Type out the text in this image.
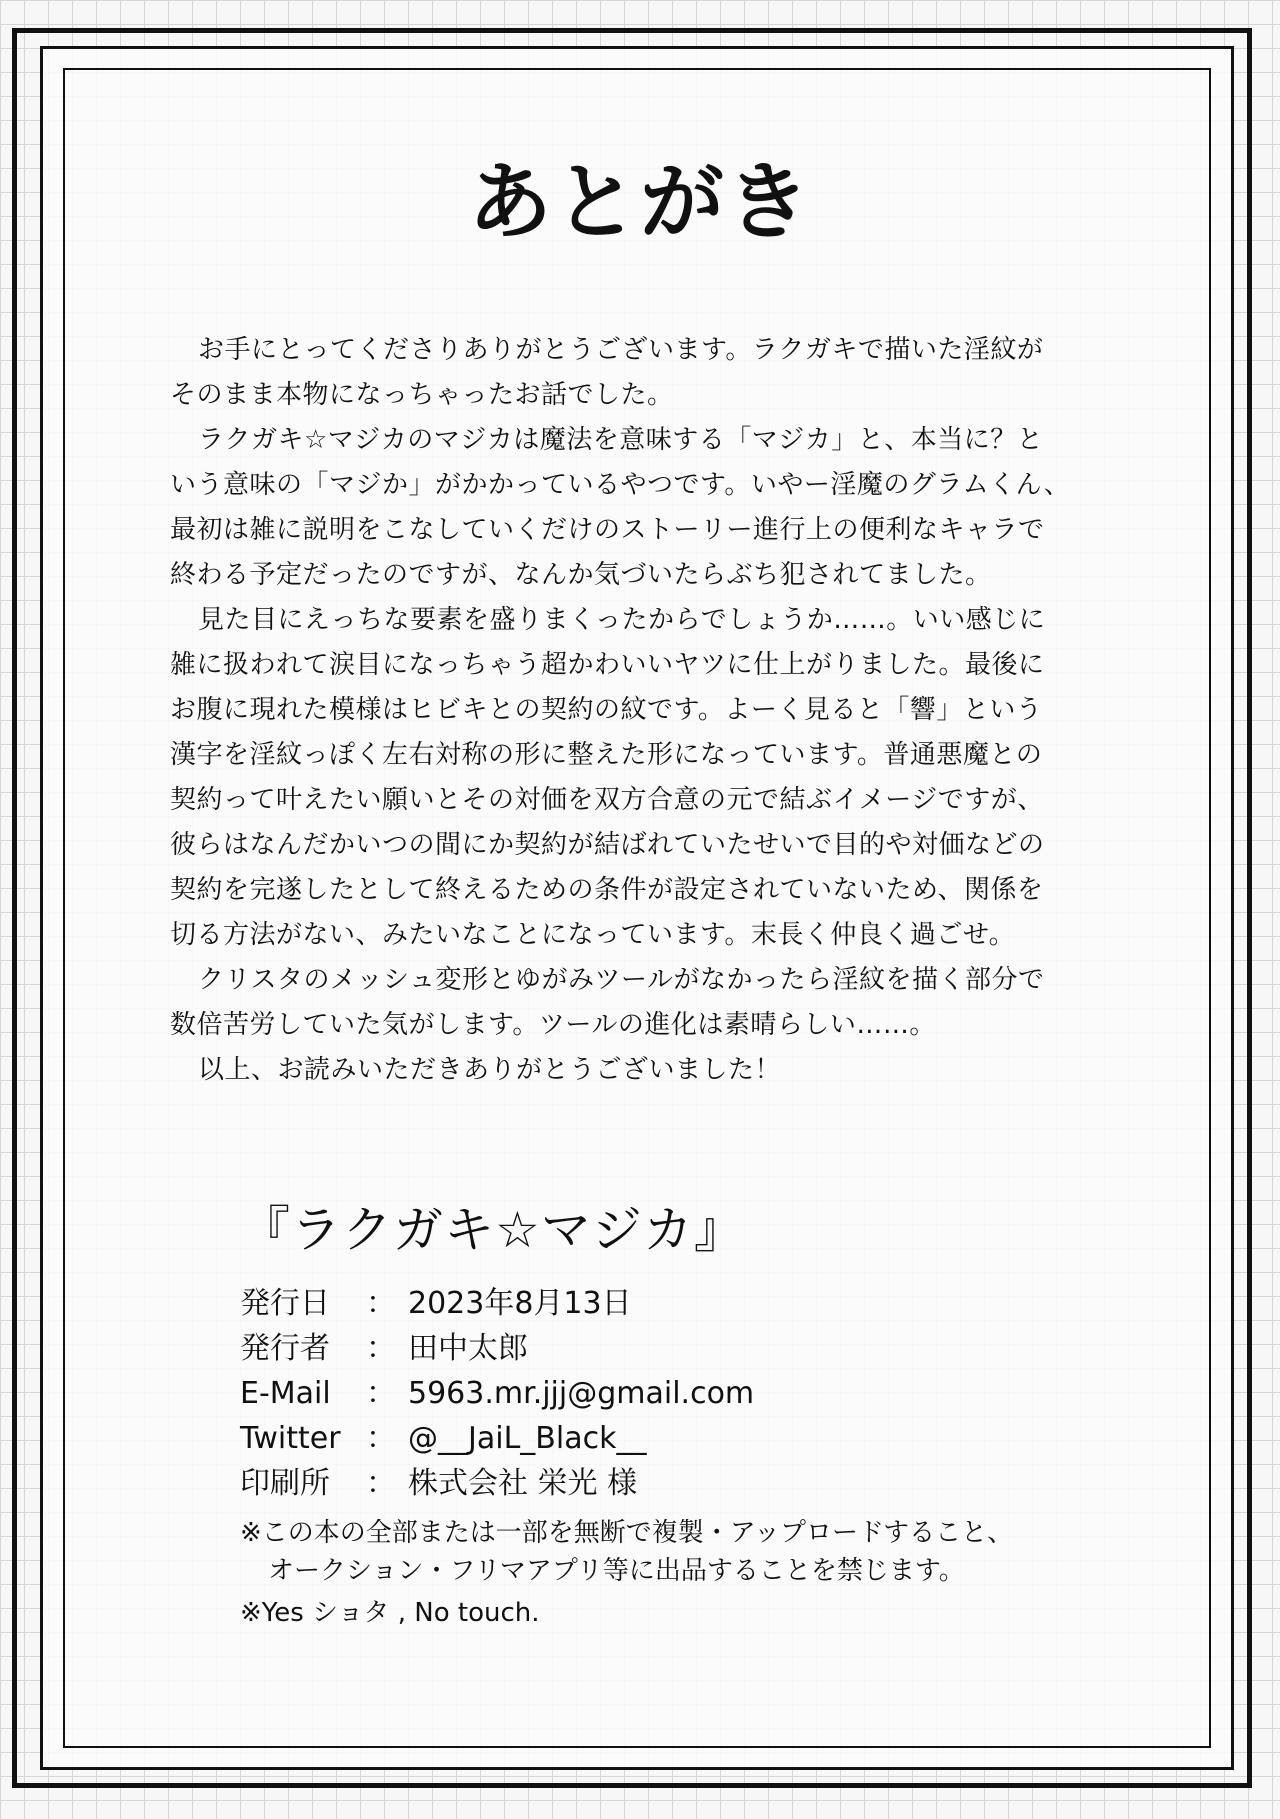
あとがき
お手にとってくださりありがとうございます。ラクガキで描いた淫紋が
そのまま本物になっちゃったお話でした。
ラクガキ☆マジカのマジカは魔法を意味する「マジカ」と、本当に？と
いう意味の「マジか」がかかっているやつです。いやー淫魔のグラムくん、
最初は雑に説明をこなしていくだけのストーリー進行上の便利なキャラで
終わる予定だったのですが、なんか気づいたらぶち犯されてました。
見た目にえっちな要素を盛りまくったからでしょうか……。いい感じに
雑に扱われて涙目になっちゃう超かわいいヤツに仕上がりました。最後に
お腹に現れた模様はヒビキとの契約の紋です。よーく見ると「響」という
漢字を淫紋っぽく左右対称の形に整えた形になっています。普通悪魔との
契約って叶えたい願いとその対価を双方合意の元で結ぶイメージですが、
彼らはなんだかいつの間にか契約が結ばれていたせいで目的や対価などの
契約を完遂したとして終えるための条件が設定されていないため、関係を
切る方法がない、みたいなことになっています。末長く仲良く過ごせ。
クリスタのメッシュ変形とゆがみツールがなかったら淫紋を描く部分で
数倍苦労していた気がします。ツールの進化は素晴らしい……。
以上、お読みいただきありがとうございました！
『ラクガキ☆マジカ』
発行日	： 2023年8月13日
発行者	： 田中太郎
E-Mail	： 5963.mr.jjj@gmail.com
Twitter ： @__JaiL_Black__
印刷所	： 株式会社 栄光 様
※この本の全部または一部を無断で複製・アップロードすること、
オークション・フリマアプリ等に出品することを禁じます。
※Yes ショタ , No touch.
